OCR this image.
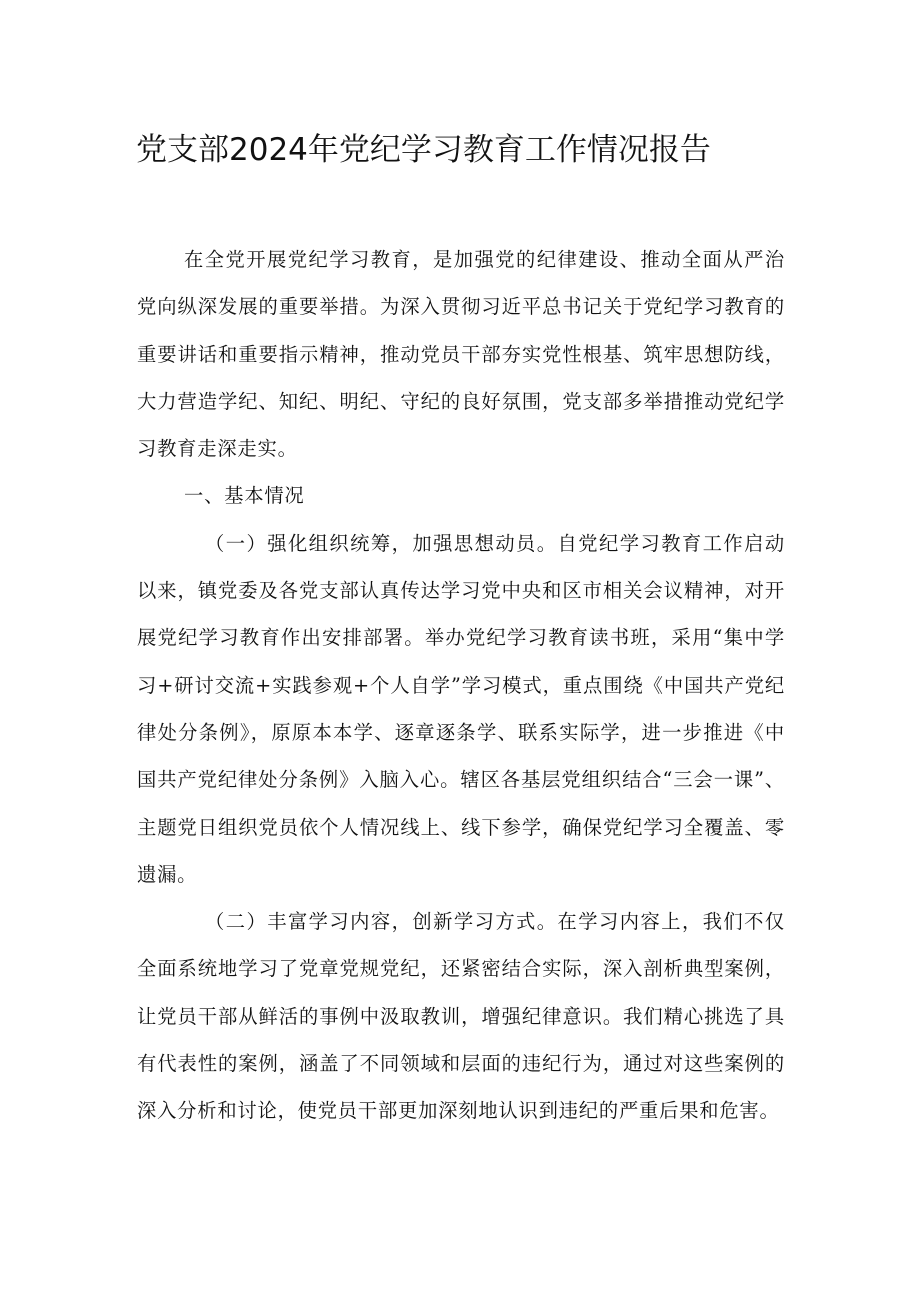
党支部2024年党纪学习教育工作情况报告

在全党开展党纪学习教育，是加强党的纪律建设、推动全面从严治党向纵深发展的重要举措。为深入贯彻习近平总书记关于党纪学习教育的重要讲话和重要指示精神，推动党员干部夯实党性根基、筑牢思想防线，大力营造学纪、知纪、明纪、守纪的良好氛围，党支部多举措推动党纪学习教育走深走实。

一、基本情况

（一）强化组织统筹，加强思想动员。自党纪学习教育工作启动以来，镇党委及各党支部认真传达学习党中央和区市相关会议精神，对开展党纪学习教育作出安排部署。举办党纪学习教育读书班，采用“集中学习+研讨交流+实践参观+个人自学”学习模式，重点围绕《中国共产党纪律处分条例》，原原本本学、逐章逐条学、联系实际学，进一步推进《中国共产党纪律处分条例》入脑入心。辖区各基层党组织结合“三会一课”、主题党日组织党员依个人情况线上、线下参学，确保党纪学习全覆盖、零遗漏。

（二）丰富学习内容，创新学习方式。在学习内容上，我们不仅全面系统地学习了党章党规党纪，还紧密结合实际，深入剖析典型案例，让党员干部从鲜活的事例中汲取教训，增强纪律意识。我们精心挑选了具有代表性的案例，涵盖了不同领域和层面的违纪行为，通过对这些案例的深入分析和讨论，使党员干部更加深刻地认识到违纪的严重后果和危害。
